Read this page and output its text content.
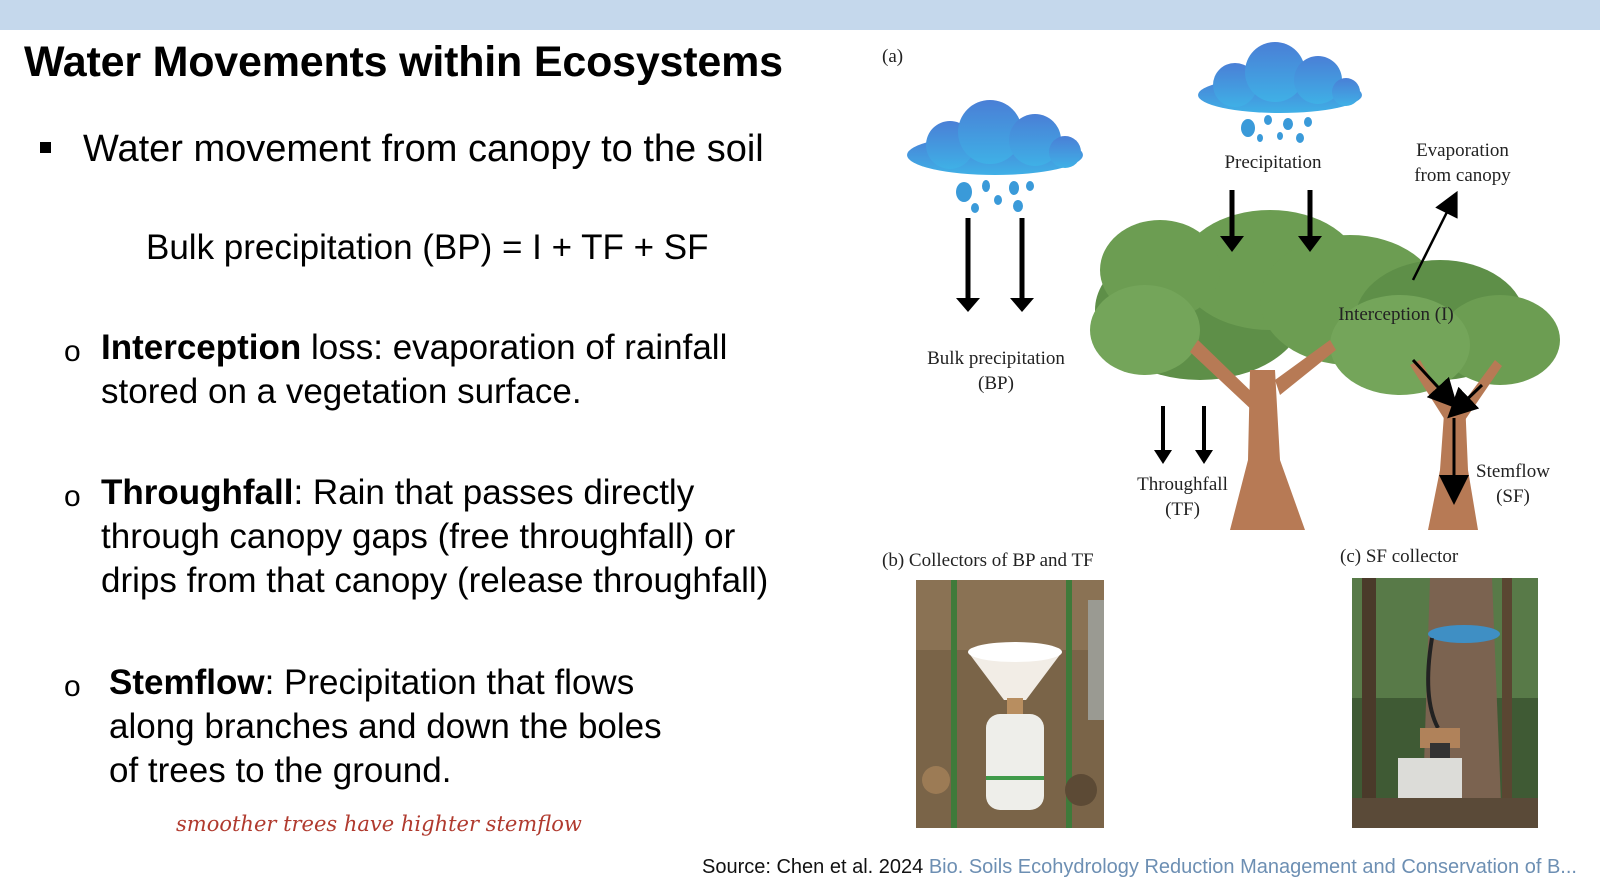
Water Movements within Ecosystems
Water movement from canopy to the soil
Bulk precipitation (BP) = I + TF + SF
o Interception loss: evaporation of rainfall
stored on a vegetation surface.
o Throughfall: Rain that passes directly
through canopy gaps (free throughfall) or
drips from that canopy (release throughfall)
o Stemflow: Precipitation that flows
along branches and down the boles
of trees to the ground.
smoother trees have highter stemflow
Source: Chen et al. 2024 Bio. Soils Ecohydrology Reduction Management and Conservation of B...
(a)
Precipitation
Evaporation
from canopy
Bulk precipitation
(BP)
Interception (I)
Throughfall
(TF)
Stemflow
(SF)
(b) Collectors of BP and TF	(c) SF collector
